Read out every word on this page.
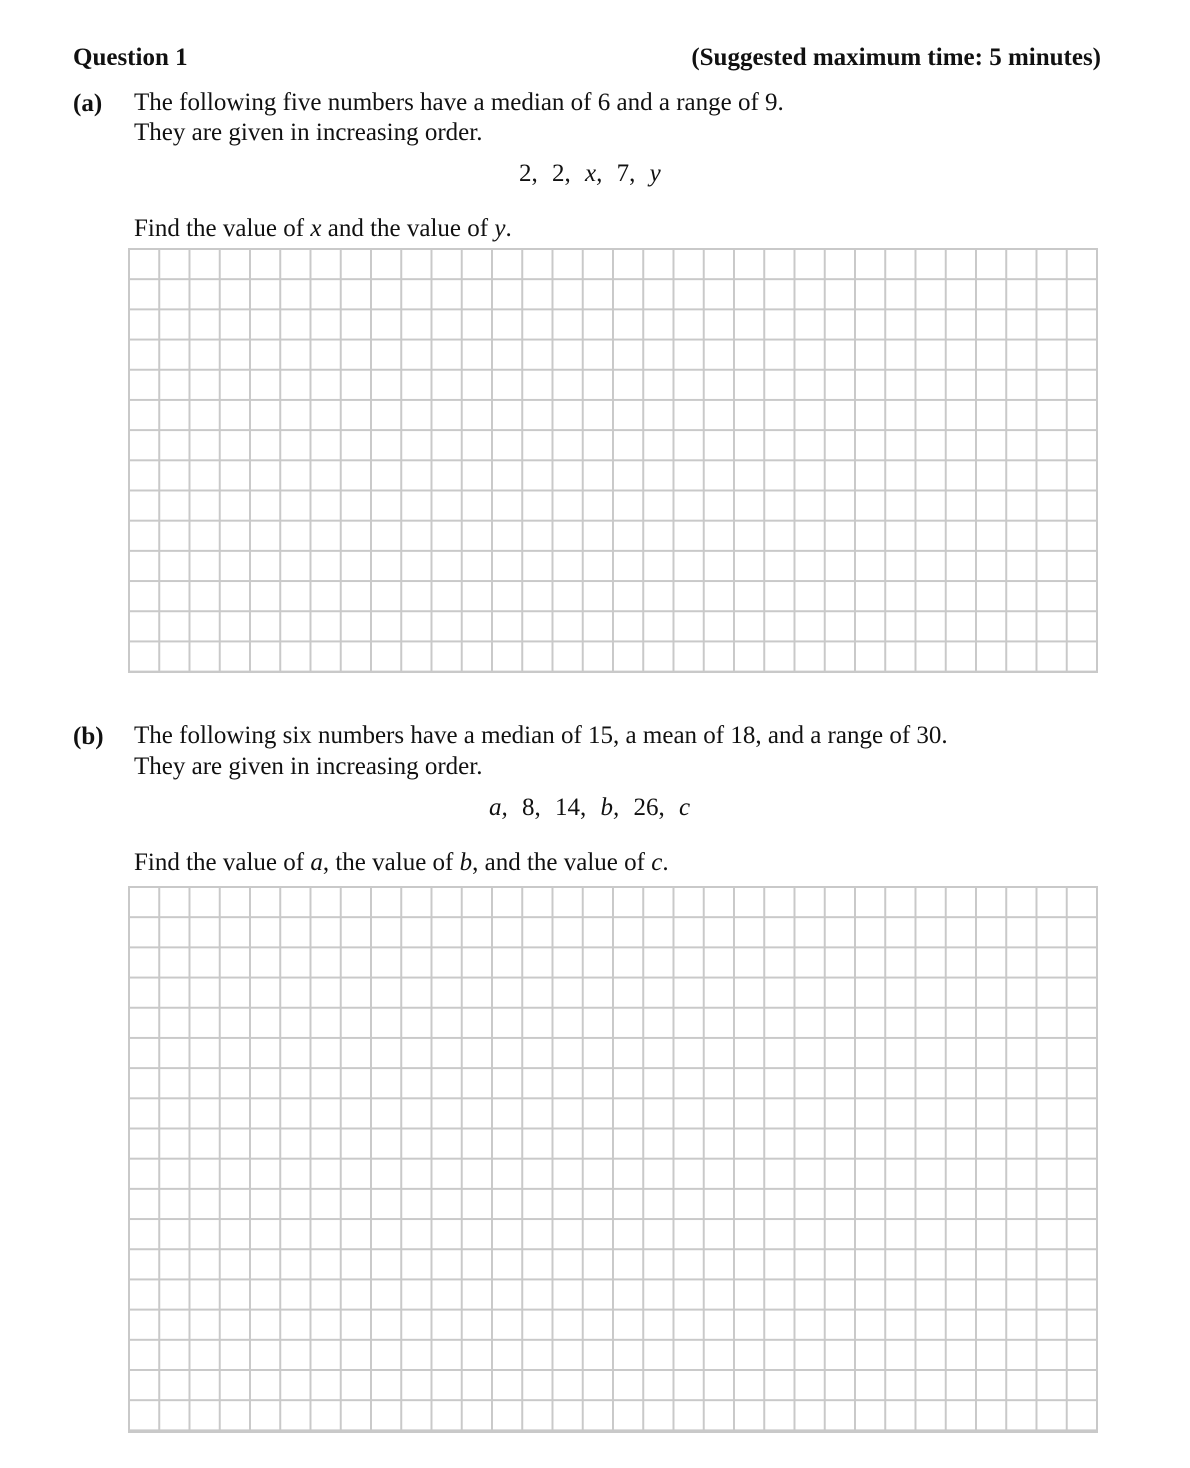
Question 1	(Suggested maximum time: 5 minutes)
(a) The following five numbers have a median of 6 and a range of 9.
They are given in increasing order.
2, 2, x, 7, y
Find the value of x and the value of y.
(b) The following six numbers have a median of 15, a mean of 18, and a range of 30.
They are given in increasing order.
a, 8, 14, b, 26, c
Find the value of a, the value of b, and the value of c.
